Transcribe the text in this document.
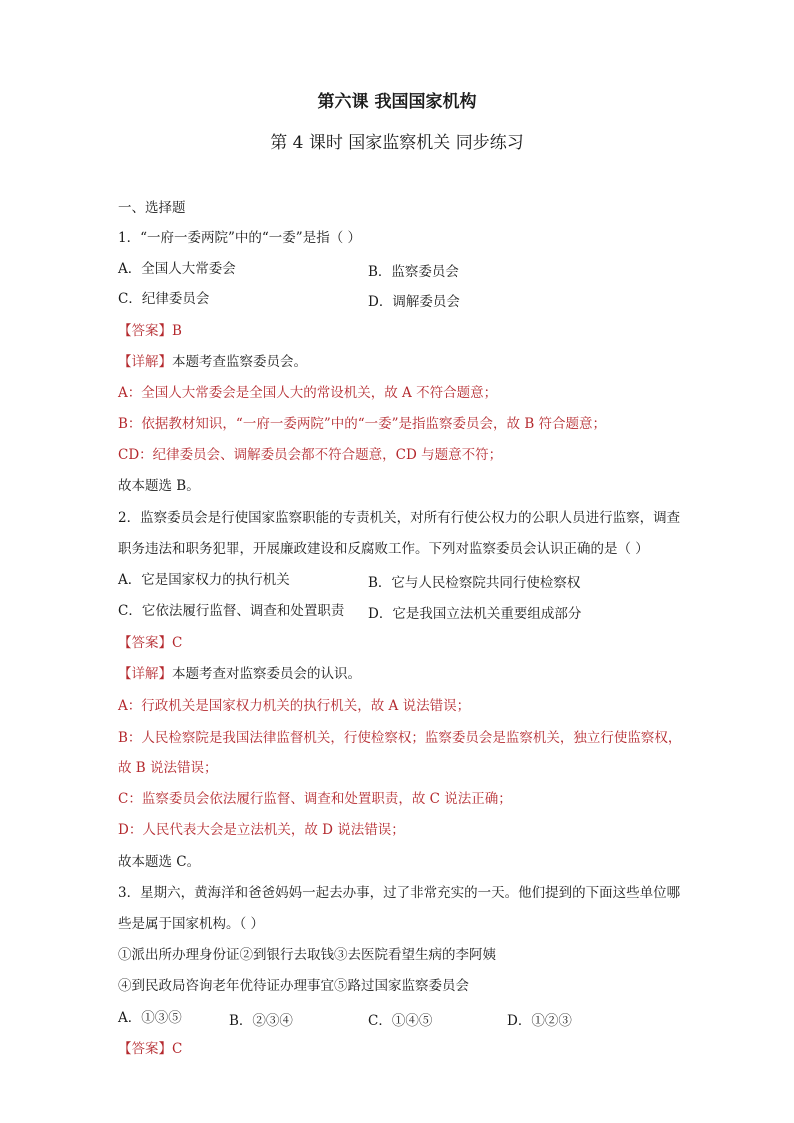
第六课 我国国家机构
第 4 课时 国家监察机关 同步练习
一、选择题
1．“一府一委两院”中的“一委”是指（ ）
A．全国人大常委会	B．监察委员会
C．纪律委员会	D．调解委员会
【答案】B
【详解】本题考查监察委员会。
A：全国人大常委会是全国人大的常设机关，故 A 不符合题意；
B：依据教材知识，“一府一委两院”中的“一委”是指监察委员会，故 B 符合题意；
CD：纪律委员会、调解委员会都不符合题意，CD 与题意不符；
故本题选 B。
2．监察委员会是行使国家监察职能的专责机关，对所有行使公权力的公职人员进行监察，调查
职务违法和职务犯罪，开展廉政建设和反腐败工作。下列对监察委员会认识正确的是（ ）
A．它是国家权力的执行机关	B．它与人民检察院共同行使检察权
C．它依法履行监督、调查和处置职责 D．它是我国立法机关重要组成部分
【答案】C
【详解】本题考查对监察委员会的认识。
A：行政机关是国家权力机关的执行机关，故 A 说法错误；
B：人民检察院是我国法律监督机关，行使检察权；监察委员会是监察机关，独立行使监察权，
故 B 说法错误；
C：监察委员会依法履行监督、调查和处置职责，故 C 说法正确；
D：人民代表大会是立法机关，故 D 说法错误；
故本题选 C。
3．星期六，黄海洋和爸爸妈妈一起去办事，过了非常充实的一天。他们提到的下面这些单位哪
些是属于国家机构。（ ）
①派出所办理身份证②到银行去取钱③去医院看望生病的李阿姨
④到民政局咨询老年优待证办理事宜⑤路过国家监察委员会
A．①③⑤	B．②③④	C．①④⑤	D．①②③
【答案】C
